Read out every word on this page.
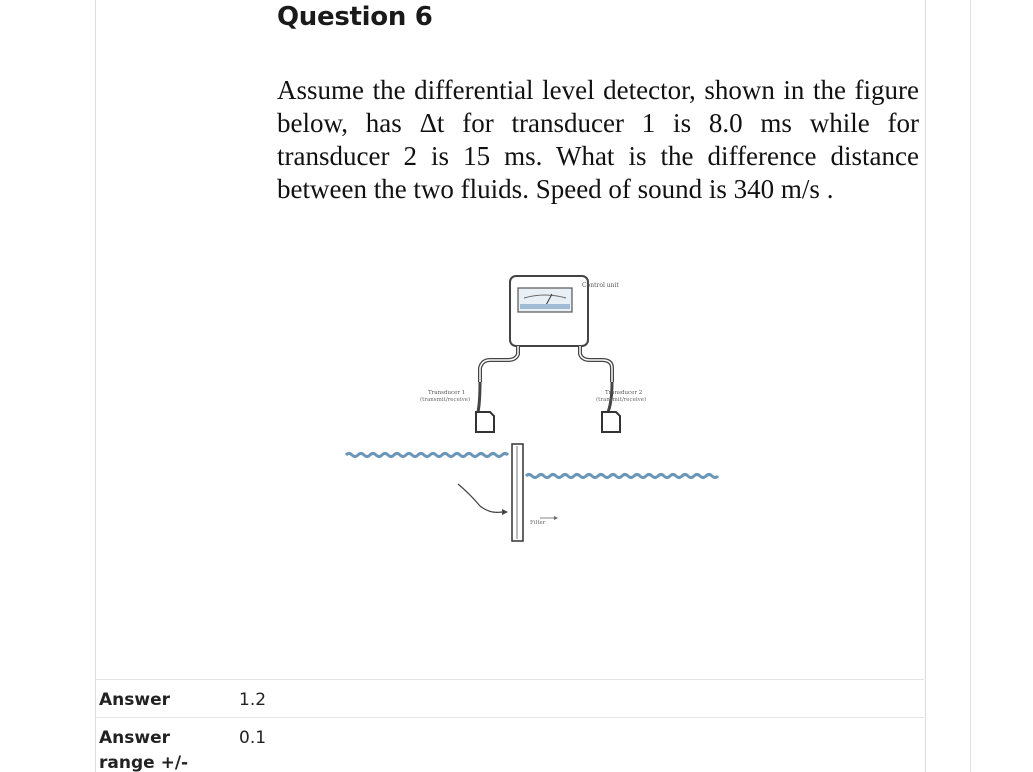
Question 6

Assume the differential level detector, shown in the figure below, has Δt for transducer 1 is 8.0 ms while for transducer 2 is 15 ms. What is the difference distance between the two fluids. Speed of sound is 340 m/s .

Control unit
Transducer 1
(transmit/receive)
Transducer 2
(transmit/receive)
Filter
Answer	1.2
Answer range +/-
0.1
